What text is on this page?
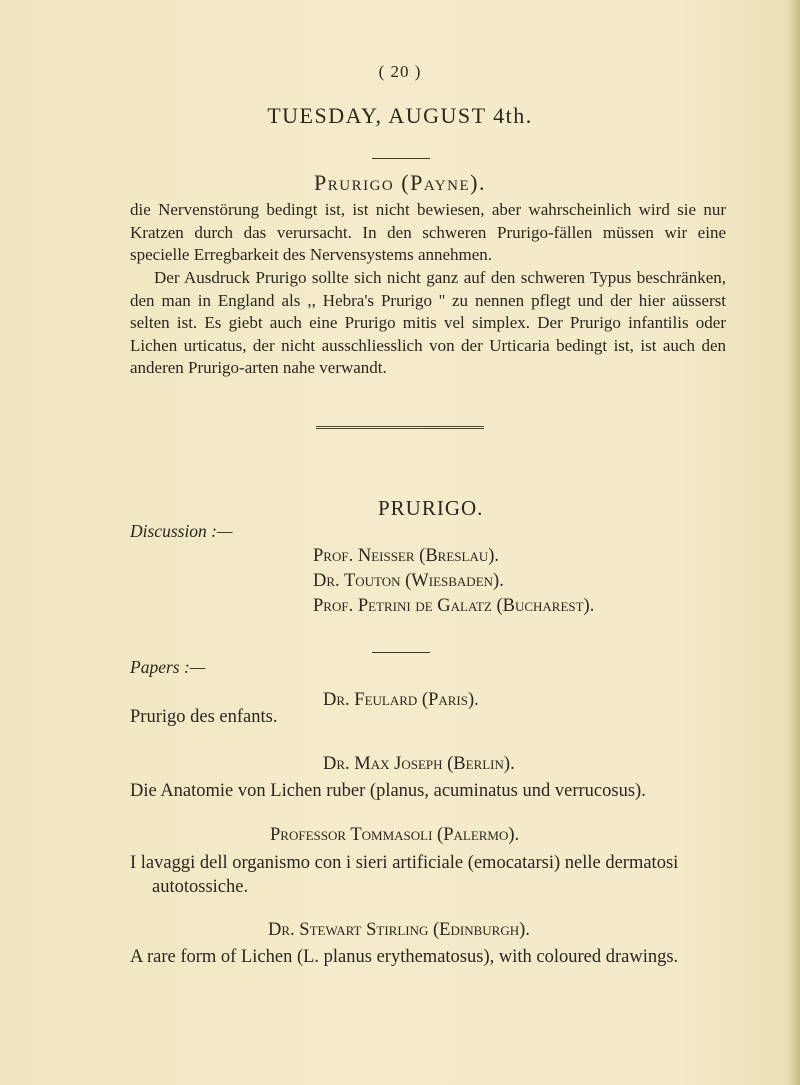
( 20 )
TUESDAY, AUGUST 4th.
Prurigo (Payne).

die Nervenstörung bedingt ist, ist nicht bewiesen, aber wahrscheinlich wird sie nur Kratzen durch das verursacht. In den schweren Prurigo-fällen müssen wir eine specielle Erregbarkeit des Nervensystems annehmen.

Der Ausdruck Prurigo sollte sich nicht ganz auf den schweren Typus beschränken, den man in England als ,, Hebra's Prurigo '' zu nennen pflegt und der hier aüsserst selten ist. Es giebt auch eine Prurigo mitis vel simplex. Der Prurigo infantilis oder Lichen urticatus, der nicht ausschliesslich von der Urticaria bedingt ist, ist auch den anderen Prurigo-arten nahe verwandt.

PRURIGO.
Discussion :—
Prof. Neisser (Breslau).
Dr. Touton (Wiesbaden).
Prof. Petrini de Galatz (Bucharest).
Papers :—
Dr. Feulard (Paris).
Prurigo des enfants.
Dr. Max Joseph (Berlin).
Die Anatomie von Lichen ruber (planus, acuminatus und verrucosus).
Professor Tommasoli (Palermo).
I lavaggi dell organismo con i sieri artificiale (emocatarsi) nelle dermatosi
autotossiche.
Dr. Stewart Stirling (Edinburgh).
A rare form of Lichen (L. planus erythematosus), with coloured drawings.
